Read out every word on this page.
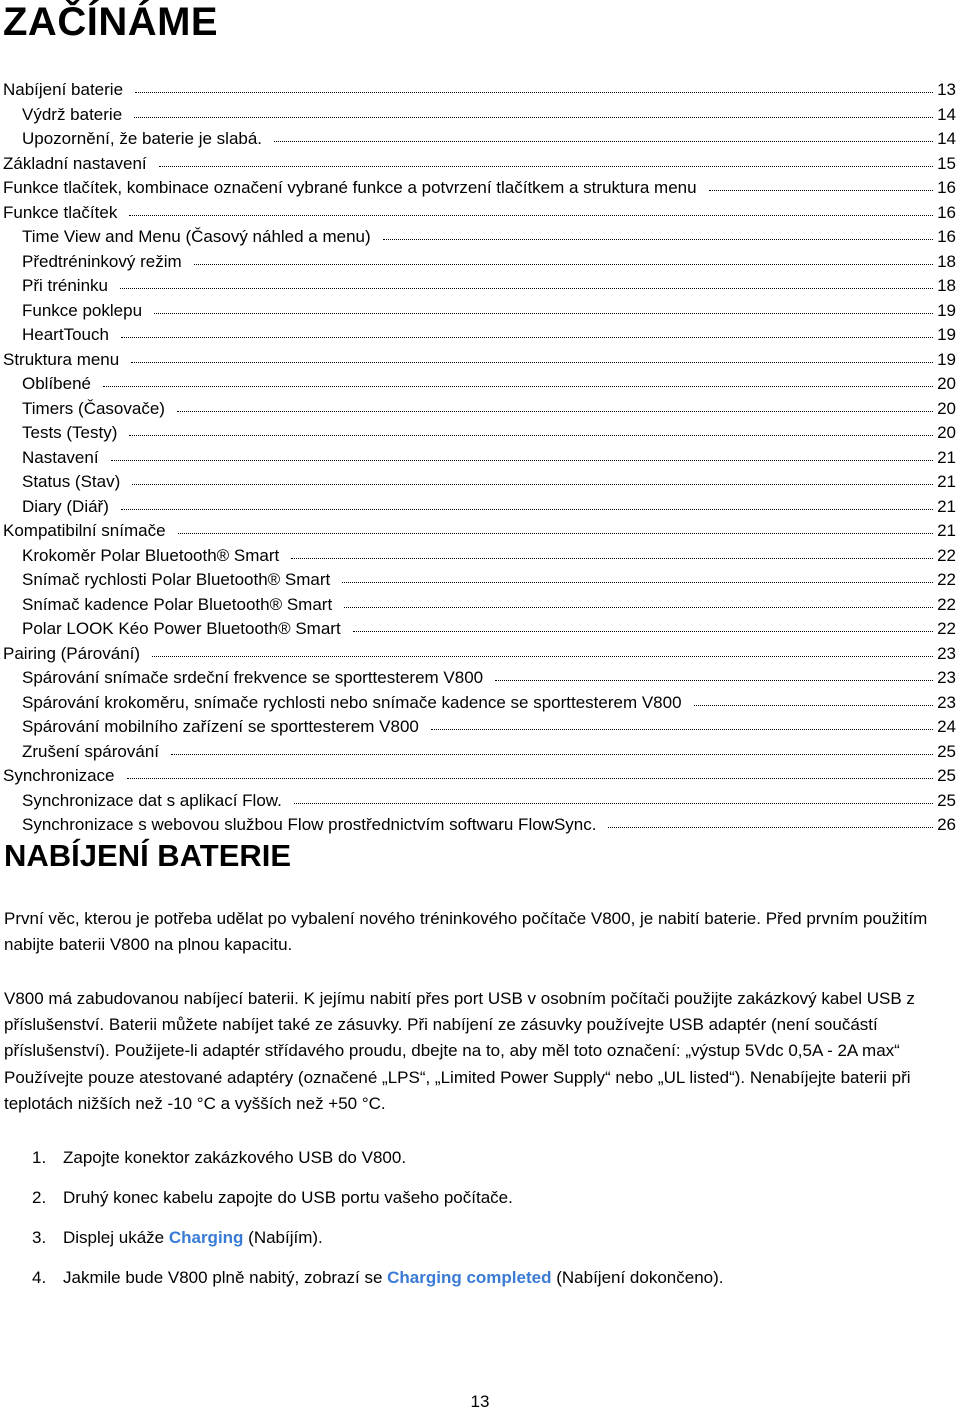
ZAČÍNÁME
Nabíjení baterie	13
Výdrž baterie	14
Upozornění, že baterie je slabá.	14
Základní nastavení	15
Funkce tlačítek, kombinace označení vybrané funkce a potvrzení tlačítkem a struktura menu	16
Funkce tlačítek	16
Time View and Menu (Časový náhled a menu)	16
Předtréninkový režim	18
Při tréninku	18
Funkce poklepu	19
HeartTouch	19
Struktura menu	19
Oblíbené	20
Timers (Časovače)	20
Tests (Testy)	20
Nastavení	21
Status (Stav)	21
Diary (Diář)	21
Kompatibilní snímače	21
Krokoměr Polar Bluetooth® Smart	22
Snímač rychlosti Polar Bluetooth® Smart	22
Snímač kadence Polar Bluetooth® Smart	22
Polar LOOK Kéo Power Bluetooth® Smart	22
Pairing (Párování)	23
Spárování snímače srdeční frekvence se sporttesterem V800	23
Spárování krokoměru, snímače rychlosti nebo snímače kadence se sporttesterem V800	23
Spárování mobilního zařízení se sporttesterem V800	24
Zrušení spárování	25
Synchronizace	25
Synchronizace dat s aplikací Flow.	25
Synchronizace s webovou službou Flow prostřednictvím softwaru FlowSync.	26
NABÍJENÍ BATERIE

První věc, kterou je potřeba udělat po vybalení nového tréninkového počítače V800, je nabití baterie. Před prvním použitím nabijte baterii V800 na plnou kapacitu.

V800 má zabudovanou nabíjecí baterii. K jejímu nabití přes port USB v osobním počítači použijte zakázkový kabel USB z příslušenství. Baterii můžete nabíjet také ze zásuvky. Při nabíjení ze zásuvky používejte USB adaptér (není součástí příslušenství). Použijete-li adaptér střídavého proudu, dbejte na to, aby měl toto označení: „výstup 5Vdc 0,5A - 2A max“ Používejte pouze atestované adaptéry (označené „LPS“, „Limited Power Supply“ nebo „UL listed“). Nenabíjejte baterii při teplotách nižších než -10 °C a vyšších než +50 °C.

1. Zapojte konektor zakázkového USB do V800.
2. Druhý konec kabelu zapojte do USB portu vašeho počítače.
3. Displej ukáže Charging (Nabíjím).
4. Jakmile bude V800 plně nabitý, zobrazí se Charging completed (Nabíjení dokončeno).
13
